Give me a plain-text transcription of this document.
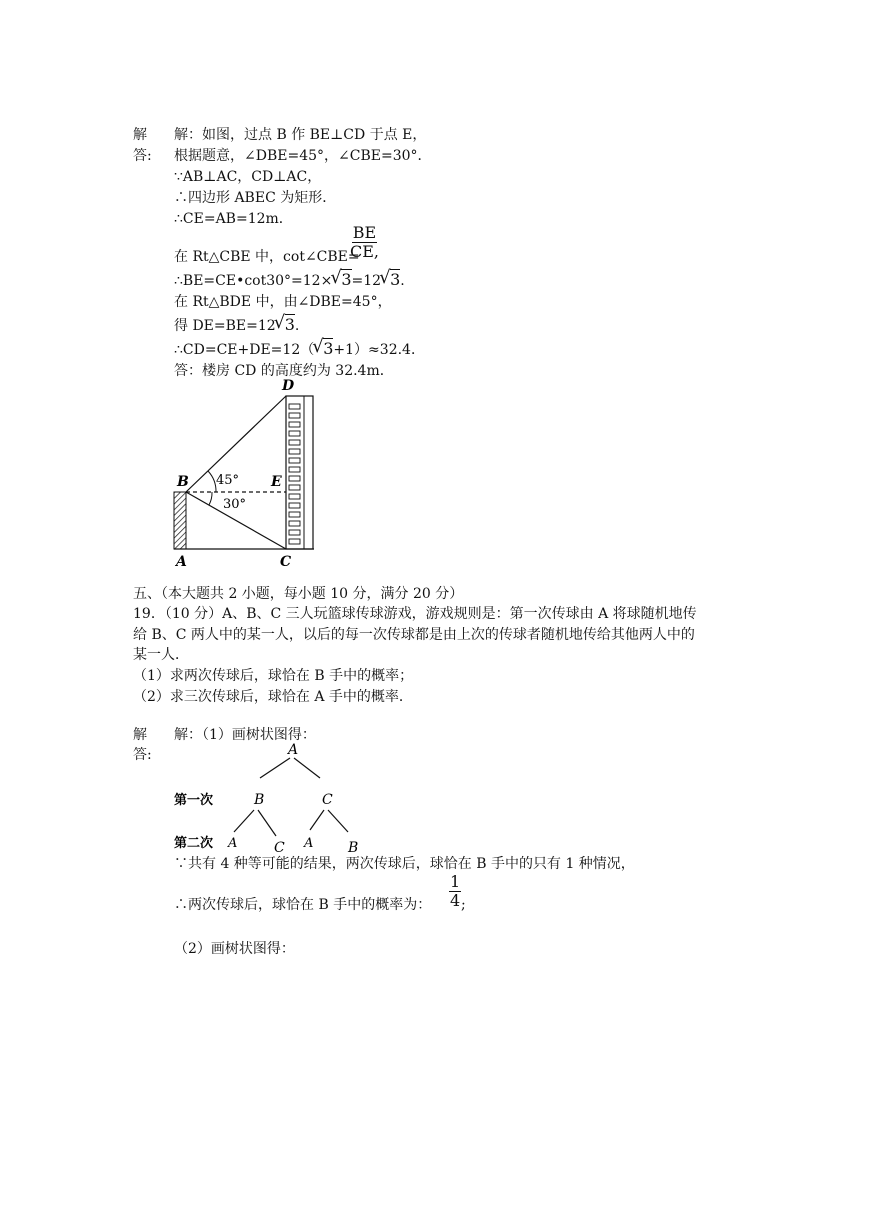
解
答:
解：如图，过点 B 作 BE⊥CD 于点 E，
根据题意，∠DBE=45°，∠CBE=30°．
∵AB⊥AC，CD⊥AC，
∴四边形 ABEC 为矩形．
∴CE=AB=12m．
在 Rt△CBE 中，cot∠CBE=
$\frac{BE}{CE,}$
∴BE=CE•cot30°=12× √ 3=12 √ 3.
在 Rt△BDE 中，由∠DBE=45°，
得 DE=BE=12 √ 3.
∴CD=CE+DE=12（ √ 3+1）≈32.4．
答：楼房 CD 的高度约为 32.4m．
D
B	E
A	C
45°
30°
五、（本大题共 2 小题，每小题 10 分，满分 20 分）
19．（10 分）A、B、C 三人玩篮球传球游戏，游戏规则是：第一次传球由 A 将球随机地传
给 B、C 两人中的某一人，以后的每一次传球都是由上次的传球者随机地传给其他两人中的
某一人．
（1）求两次传球后，球恰在 B 手中的概率；
（2）求三次传球后，球恰在 A 手中的概率．
解
答:
解：（1）画树状图得：
A
第一次	B	C
第二次 A	C A B
∵共有 4 种等可能的结果，两次传球后，球恰在 B 手中的只有 1 种情况，
∴两次传球后，球恰在 B 手中的概率为： $\frac{1}{4}$ ;
（2）画树状图得：
